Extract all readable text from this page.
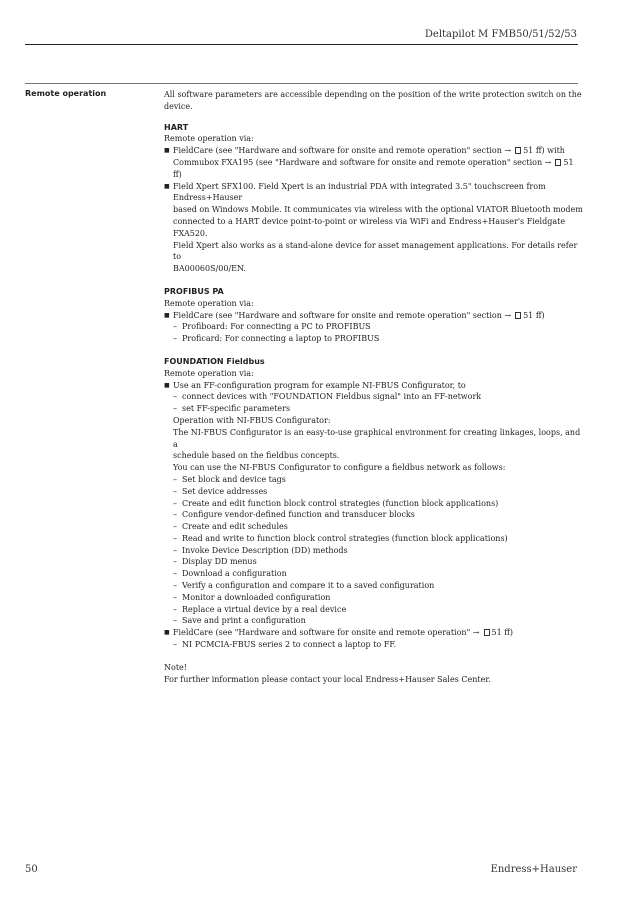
Deltapilot M FMB50/51/52/53
Remote operation	All software parameters are accessible depending on the position of the write protection switch on the device.

HART

Remote operation via:

■ FieldCare (see "Hardware and software for onsite and remote operation" section → 51 ff) with

Commubox FXA195 (see "Hardware and software for onsite and remote operation" section → 51 ff)

■ Field Xpert SFX100. Field Xpert is an industrial PDA with integrated 3.5" touchscreen from Endress+Hauser

based on Windows Mobile. It communicates via wireless with the optional VIATOR Bluetooth modem

connected to a HART device point-to-point or wireless via WiFi and Endress+Hauser's Fieldgate FXA520.

Field Xpert also works as a stand-alone device for asset management applications. For details refer to

BA00060S/00/EN.

PROFIBUS PA

Remote operation via:

■ FieldCare (see "Hardware and software for onsite and remote operation" section → 51 ff)

– Profiboard: For connecting a PC to PROFIBUS

– Proficard: For connecting a laptop to PROFIBUS

FOUNDATION Fieldbus

Remote operation via:

■ Use an FF-configuration program for example NI-FBUS Configurator, to

– connect devices with "FOUNDATION Fieldbus signal" into an FF-network

– set FF-specific parameters

Operation with NI-FBUS Configurator:

The NI-FBUS Configurator is an easy-to-use graphical environment for creating linkages, loops, and a

schedule based on the fieldbus concepts.

You can use the NI-FBUS Configurator to configure a fieldbus network as follows:

– Set block and device tags

– Set device addresses

– Create and edit function block control strategies (function block applications)

– Configure vendor-defined function and transducer blocks

– Create and edit schedules

– Read and write to function block control strategies (function block applications)

– Invoke Device Description (DD) methods

– Display DD menus

– Download a configuration

– Verify a configuration and compare it to a saved configuration

– Monitor a downloaded configuration

– Replace a virtual device by a real device

– Save and print a configuration

■ FieldCare (see "Hardware and software for onsite and remote operation" → 51 ff)

– NI PCMCIA-FBUS series 2 to connect a laptop to FF.

Note!

For further information please contact your local Endress+Hauser Sales Center.

50	Endress+Hauser
